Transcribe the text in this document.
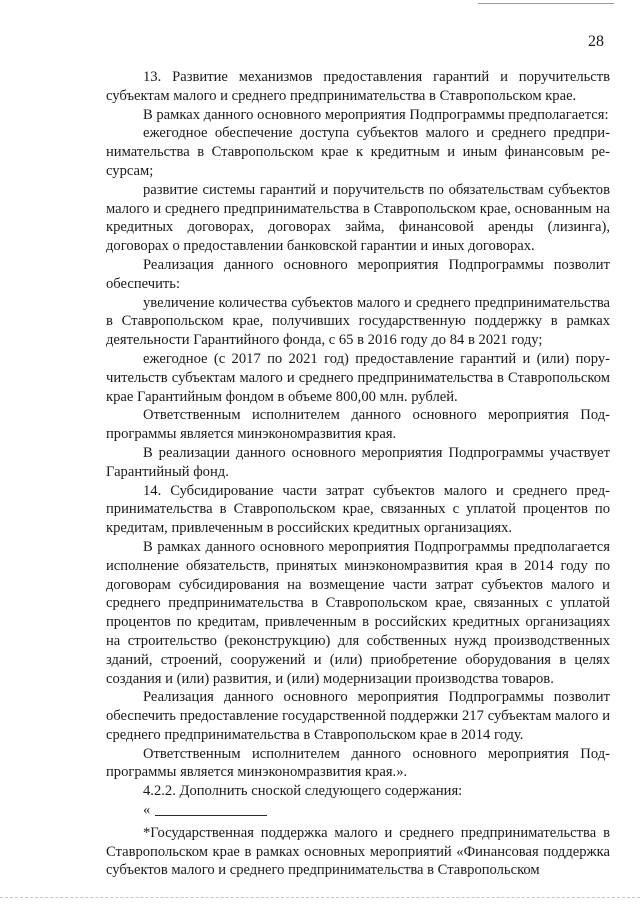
28

13. Развитие механизмов предоставления гарантий и поручительств субъектам малого и среднего предпринимательства в Ставропольском крае.

В рамках данного основного мероприятия Подпрограммы предполагается:

ежегодное обеспечение доступа субъектов малого и среднего предпринимательства в Ставропольском крае к кредитным и иным финансовым ресурсам;

развитие системы гарантий и поручительств по обязательствам субъектов малого и среднего предпринимательства в Ставропольском крае, основанным на кредитных договорах, договорах займа, финансовой аренды (лизинга), договорах о предоставлении банковской гарантии и иных договорах.

Реализация данного основного мероприятия Подпрограммы позволит обеспечить:

увеличение количества субъектов малого и среднего предпринимательства в Ставропольском крае, получивших государственную поддержку в рамках деятельности Гарантийного фонда, с 65 в 2016 году до 84 в 2021 году;

ежегодное (с 2017 по 2021 год) предоставление гарантий и (или) поручительств субъектам малого и среднего предпринимательства в Ставропольском крае Гарантийным фондом в объеме 800,00 млн. рублей.

Ответственным исполнителем данного основного мероприятия Подпрограммы является минэкономразвития края.

В реализации данного основного мероприятия Подпрограммы участвует Гарантийный фонд.

14. Субсидирование части затрат субъектов малого и среднего предпринимательства в Ставропольском крае, связанных с уплатой процентов по кредитам, привлеченным в российских кредитных организациях.

В рамках данного основного мероприятия Подпрограммы предполагается исполнение обязательств, принятых минэкономразвития края в 2014 году по договорам субсидирования на возмещение части затрат субъектов малого и среднего предпринимательства в Ставропольском крае, связанных с уплатой процентов по кредитам, привлеченным в российских кредитных организациях на строительство (реконструкцию) для собственных нужд производственных зданий, строений, сооружений и (или) приобретение оборудования в целях создания и (или) развития, и (или) модернизации производства товаров.

Реализация данного основного мероприятия Подпрограммы позволит обеспечить предоставление государственной поддержки 217 субъектам малого и среднего предпринимательства в Ставропольском крае в 2014 году.

Ответственным исполнителем данного основного мероприятия Подпрограммы является минэкономразвития края.».

4.2.2. Дополнить сноской следующего содержания:

«

*Государственная поддержка малого и среднего предпринимательства в Ставропольском крае в рамках основных мероприятий «Финансовая поддержка субъектов малого и среднего предпринимательства в Ставропольском
